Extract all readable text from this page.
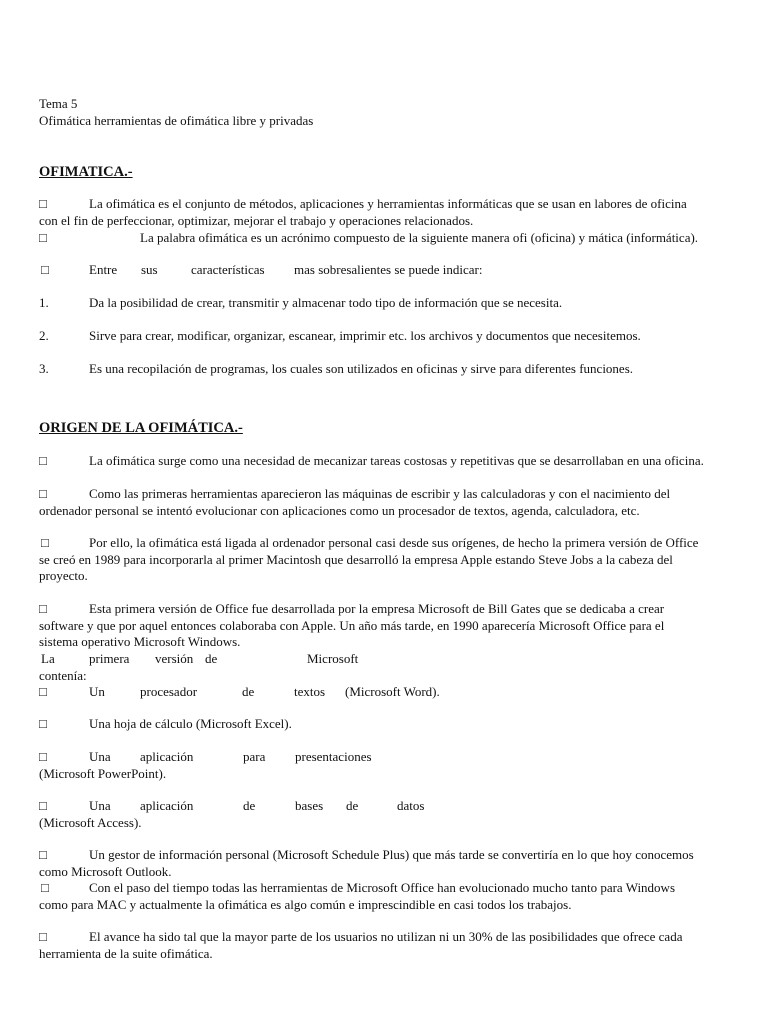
Tema 5
Ofimática herramientas de ofimática libre y privadas
OFIMATICA.-
□	La ofimática es el conjunto de métodos, aplicaciones y herramientas informáticas que se usan en labores de oficina con el fin de perfeccionar, optimizar, mejorar el trabajo y operaciones relacionados.
□	La palabra ofimática es un acrónimo compuesto de la siguiente manera ofi (oficina) y mática (informática).
□	Entre sus	características mas sobresalientes se puede indicar:
1.	Da la posibilidad de crear, transmitir y almacenar todo tipo de información que se necesita.
2.	Sirve para crear, modificar, organizar, escanear, imprimir etc. los archivos y documentos que necesitemos.
3.	Es una recopilación de programas, los cuales son utilizados en oficinas y sirve para diferentes funciones.
ORIGEN DE LA OFIMÁTICA.-
□	La ofimática surge como una necesidad de mecanizar tareas costosas y repetitivas que se desarrollaban en una oficina.
□	Como las primeras herramientas aparecieron las máquinas de escribir y las calculadoras y con el nacimiento del ordenador personal se intentó evolucionar con aplicaciones como un procesador de textos, agenda, calculadora, etc.
□	Por ello, la ofimática está ligada al ordenador personal casi desde sus orígenes, de hecho la primera versión de Office se creó en 1989 para incorporarla al primer Macintosh que desarrolló la empresa Apple estando Steve Jobs a la cabeza del proyecto.
□	Esta primera versión de Office fue desarrollada por la empresa Microsoft de Bill Gates que se dedicaba a crear software y que por aquel entonces colaboraba con Apple. Un año más tarde, en 1990 aparecería Microsoft Office para el sistema operativo Microsoft Windows.
La	primera versión de	Microsoft
contenía:
□	Un	procesador	de	textos (Microsoft Word).
□	Una hoja de cálculo (Microsoft Excel).
□	Una aplicación	para presentaciones
(Microsoft PowerPoint).
□	Una aplicación	de	bases de	datos
(Microsoft Access).
□	Un gestor de información personal (Microsoft Schedule Plus) que más tarde se convertiría en lo que hoy conocemos como Microsoft Outlook.
□	Con el paso del tiempo todas las herramientas de Microsoft Office han evolucionado mucho tanto para Windows como para MAC y actualmente la ofimática es algo común e imprescindible en casi todos los trabajos.
□	El avance ha sido tal que la mayor parte de los usuarios no utilizan ni un 30% de las posibilidades que ofrece cada herramienta de la suite ofimática.
